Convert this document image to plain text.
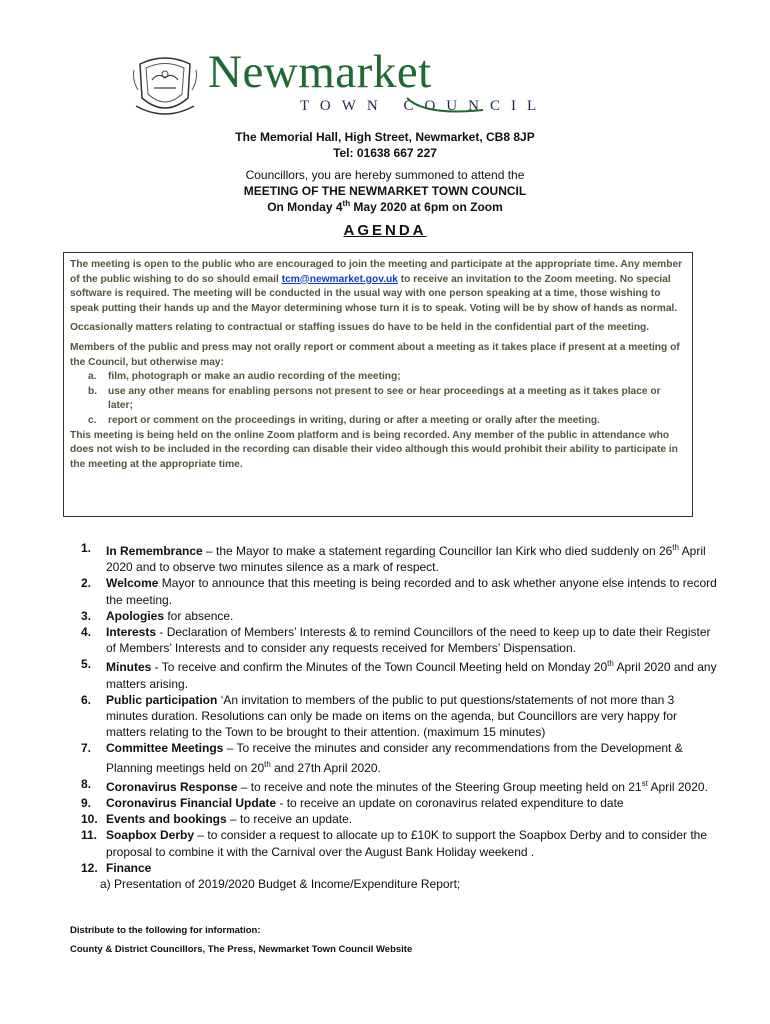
Newmarket
TOWN COUNCIL
The Memorial Hall, High Street, Newmarket, CB8 8JP
Tel: 01638 667 227
Councillors, you are hereby summoned to attend the
MEETING OF THE NEWMARKET TOWN COUNCIL
On Monday 4th May 2020 at 6pm on Zoom
AGENDA

The meeting is open to the public who are encouraged to join the meeting and participate at the appropriate time. Any member of the public wishing to do so should email tcm@newmarket.gov.uk to receive an invitation to the Zoom meeting. No special software is required. The meeting will be conducted in the usual way with one person speaking at a time, those wishing to speak putting their hands up and the Mayor determining whose turn it is to speak. Voting will be by show of hands as normal.

Occasionally matters relating to contractual or staffing issues do have to be held in the confidential part of the meeting.

Members of the public and press may not orally report or comment about a meeting as it takes place if present at a meeting of the Council, but otherwise may:

a. film, photograph or make an audio recording of the meeting;
b. use any other means for enabling persons not present to see or hear proceedings at a meeting as it takes place or later;
c. report or comment on the proceedings in writing, during or after a meeting or orally after the meeting.

This meeting is being held on the online Zoom platform and is being recorded. Any member of the public in attendance who does not wish to be included in the recording can disable their video although this would prohibit their ability to participate in the meeting at the appropriate time.

1. In Remembrance – the Mayor to make a statement regarding Councillor Ian Kirk who died suddenly on 26th April 2020 and to observe two minutes silence as a mark of respect.
2. Welcome Mayor to announce that this meeting is being recorded and to ask whether anyone else intends to record the meeting.
3. Apologies for absence.
4. Interests - Declaration of Members’ Interests & to remind Councillors of the need to keep up to date their Register of Members’ Interests and to consider any requests received for Members’ Dispensation.
5. Minutes - To receive and confirm the Minutes of the Town Council Meeting held on Monday 20th April 2020 and any matters arising.
6. Public participation ‘An invitation to members of the public to put questions/statements of not more than 3 minutes duration. Resolutions can only be made on items on the agenda, but Councillors are very happy for matters relating to the Town to be brought to their attention. (maximum 15 minutes)
7. Committee Meetings – To receive the minutes and consider any recommendations from the Development & Planning meetings held on 20th and 27th April 2020.
8. Coronavirus Response – to receive and note the minutes of the Steering Group meeting held on 21st April 2020.
9. Coronavirus Financial Update - to receive an update on coronavirus related expenditure to date
10. Events and bookings – to receive an update.
11. Soapbox Derby – to consider a request to allocate up to £10K to support the Soapbox Derby and to consider the proposal to combine it with the Carnival over the August Bank Holiday weekend .
12. Finance
a) Presentation of 2019/2020 Budget & Income/Expenditure Report;
Distribute to the following for information:
County & District Councillors, The Press, Newmarket Town Council Website
